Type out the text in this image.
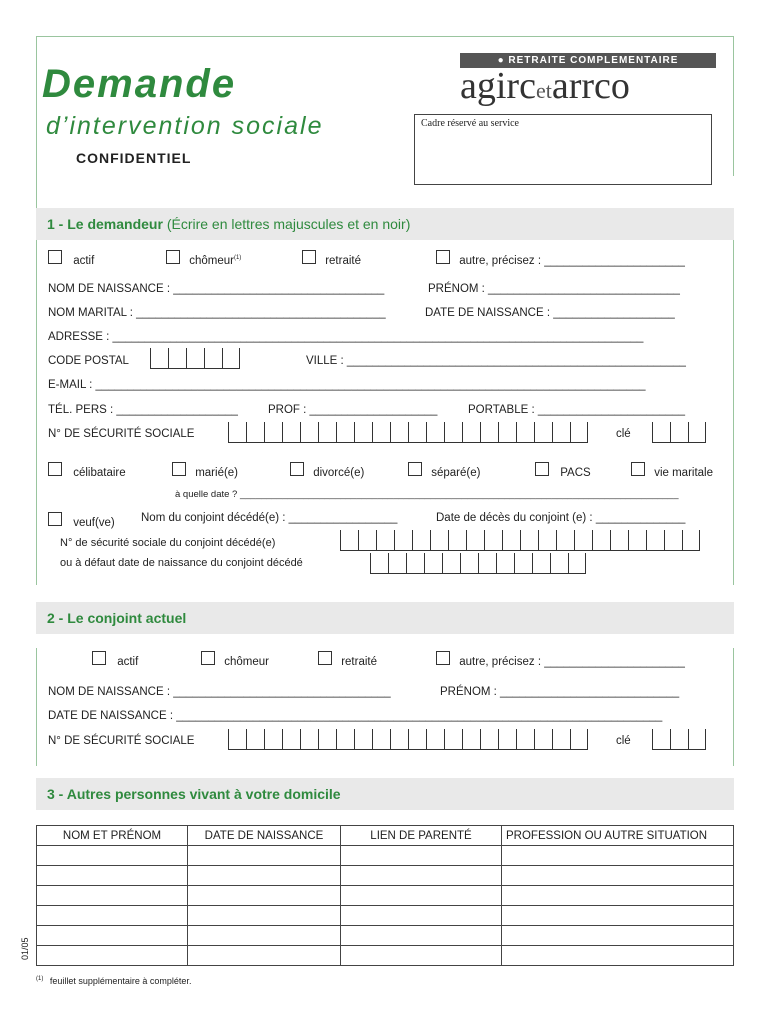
Demande
d’intervention sociale
CONFIDENTIEL
● RETRAITE COMPLEMENTAIRE
agircetarrco
Cadre réservé au service
1 - Le demandeur (Écrire en lettres majuscules et en noir)
actif	chômeur$^{(1)}$	retraité	autre, précisez : ______________________
NOM DE NAISSANCE : _________________________________	PRÉNOM : ______________________________
NOM MARITAL : _______________________________________	DATE DE NAISSANCE : ___________________
ADRESSE : ___________________________________________________________________________________
CODE POSTAL	VILLE : _____________________________________________________
E-MAIL : ______________________________________________________________________________________
TÉL. PERS : ___________________	PROF : ____________________	PORTABLE : _______________________
N° DE SÉCURITÉ SOCIALE	clé
célibataire	marié(e)	divorcé(e)	séparé(e)	PACS	vie maritale
à quelle date ? ___________________________________________________________________________________
veuf(ve) Nom du conjoint décédé(e) : _________________	Date de décès du conjoint (e) : ______________
N° de sécurité sociale du conjoint décédé(e)
ou à défaut date de naissance du conjoint décédé
2 - Le conjoint actuel
actif	chômeur	retraité	autre, précisez : ______________________
NOM DE NAISSANCE : __________________________________	PRÉNOM : ____________________________
DATE DE NAISSANCE : ____________________________________________________________________________
N° DE SÉCURITÉ SOCIALE	clé
3 - Autres personnes vivant à votre domicile
NOM ET PRÉNOM	DATE DE NAISSANCE	LIEN DE PARENTÉ	PROFESSION OU AUTRE SITUATION

$^{(1)}$ feuillet supplémentaire à compléter.
01/05
